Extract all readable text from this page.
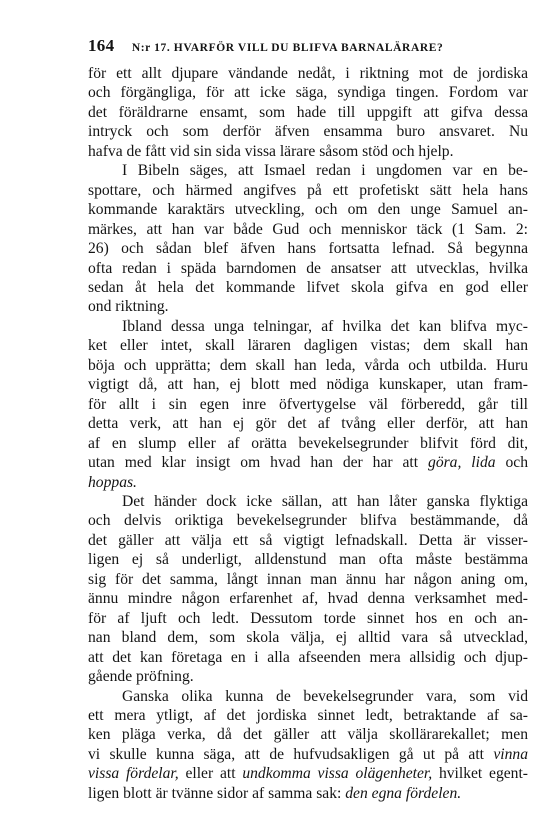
164 N:r 17. HVARFÖR VILL DU BLIFVA BARNALÄRARE?

för ett allt djupare vändande nedåt, i riktning mot de jordiska
och förgängliga, för att icke säga, syndiga tingen. Fordom var
det föräldrarne ensamt, som hade till uppgift att gifva dessa
intryck och som derför äfven ensamma buro ansvaret. Nu
hafva de fått vid sin sida vissa lärare såsom stöd och hjelp.

I Bibeln säges, att Ismael redan i ungdomen var en be-
spottare, och härmed angifves på ett profetiskt sätt hela hans
kommande karaktärs utveckling, och om den unge Samuel an-
märkes, att han var både Gud och menniskor täck (1 Sam. 2:
26) och sådan blef äfven hans fortsatta lefnad. Så begynna
ofta redan i späda barndomen de ansatser att utvecklas, hvilka
sedan åt hela det kommande lifvet skola gifva en god eller
ond riktning.

Ibland dessa unga telningar, af hvilka det kan blifva myc-
ket eller intet, skall läraren dagligen vistas; dem skall han
böja och upprätta; dem skall han leda, vårda och utbilda. Huru
vigtigt då, att han, ej blott med nödiga kunskaper, utan fram-
för allt i sin egen inre öfvertygelse väl förberedd, går till
detta verk, att han ej gör det af tvång eller derför, att han
af en slump eller af orätta bevekelsegrunder blifvit förd dit,
utan med klar insigt om hvad han der har att göra, lida och
hoppas.

Det händer dock icke sällan, att han låter ganska flyktiga
och delvis oriktiga bevekelsegrunder blifva bestämmande, då
det gäller att välja ett så vigtigt lefnadskall. Detta är visser-
ligen ej så underligt, alldenstund man ofta måste bestämma
sig för det samma, långt innan man ännu har någon aning om,
ännu mindre någon erfarenhet af, hvad denna verksamhet med-
för af ljuft och ledt. Dessutom torde sinnet hos en och an-
nan bland dem, som skola välja, ej alltid vara så utvecklad,
att det kan företaga en i alla afseenden mera allsidig och djup-
gående pröfning.

Ganska olika kunna de bevekelsegrunder vara, som vid
ett mera ytligt, af det jordiska sinnet ledt, betraktande af sa-
ken pläga verka, då det gäller att välja skollärarekallet; men
vi skulle kunna säga, att de hufvudsakligen gå ut på att vinna
vissa fördelar, eller att undkomma vissa olägenheter, hvilket egent-
ligen blott är tvänne sidor af samma sak: den egna fördelen.
